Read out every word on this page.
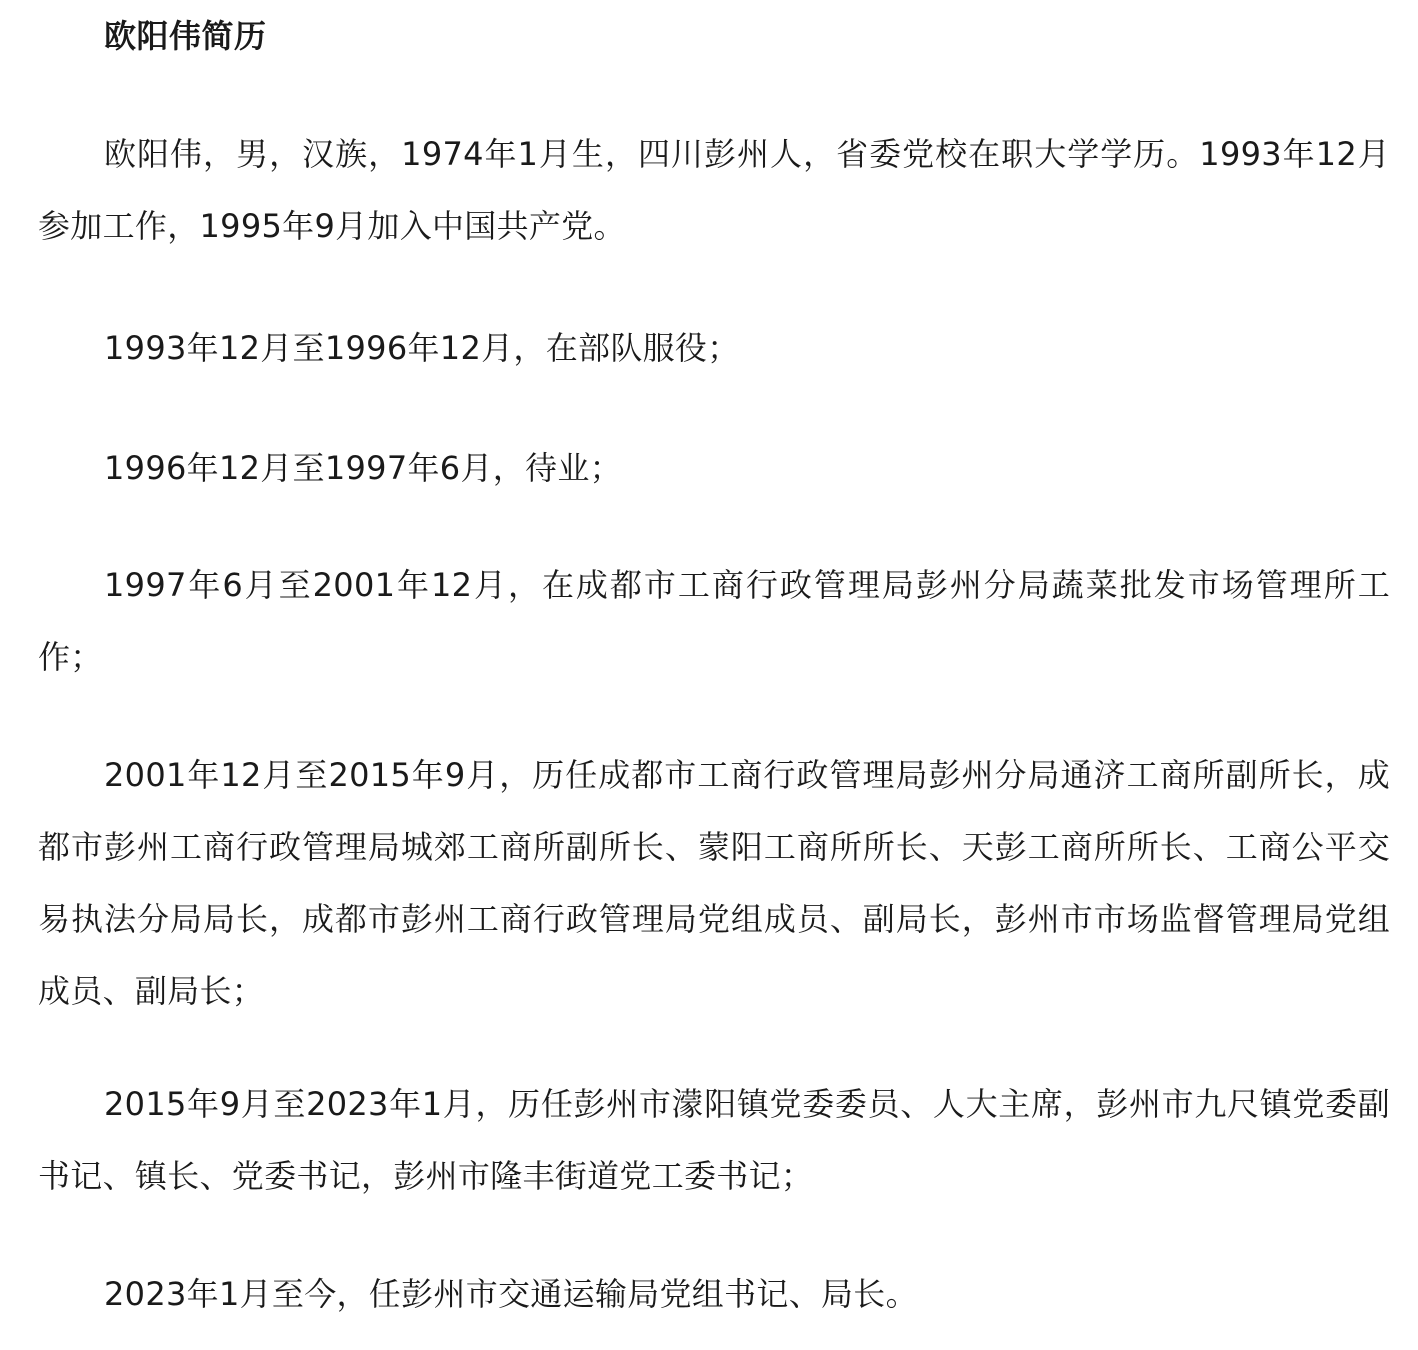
欧阳伟简历

欧阳伟，男，汉族，1974年1月生，四川彭州人，省委党校在职大学学历。1993年12月参加工作，1995年9月加入中国共产党。

1993年12月至1996年12月，在部队服役；

1996年12月至1997年6月，待业；

1997年6月至2001年12月，在成都市工商行政管理局彭州分局蔬菜批发市场管理所工作；

2001年12月至2015年9月，历任成都市工商行政管理局彭州分局通济工商所副所长，成都市彭州工商行政管理局城郊工商所副所长、蒙阳工商所所长、天彭工商所所长、工商公平交易执法分局局长，成都市彭州工商行政管理局党组成员、副局长，彭州市市场监督管理局党组成员、副局长；

2015年9月至2023年1月，历任彭州市濛阳镇党委委员、人大主席，彭州市九尺镇党委副书记、镇长、党委书记，彭州市隆丰街道党工委书记；

2023年1月至今，任彭州市交通运输局党组书记、局长。
